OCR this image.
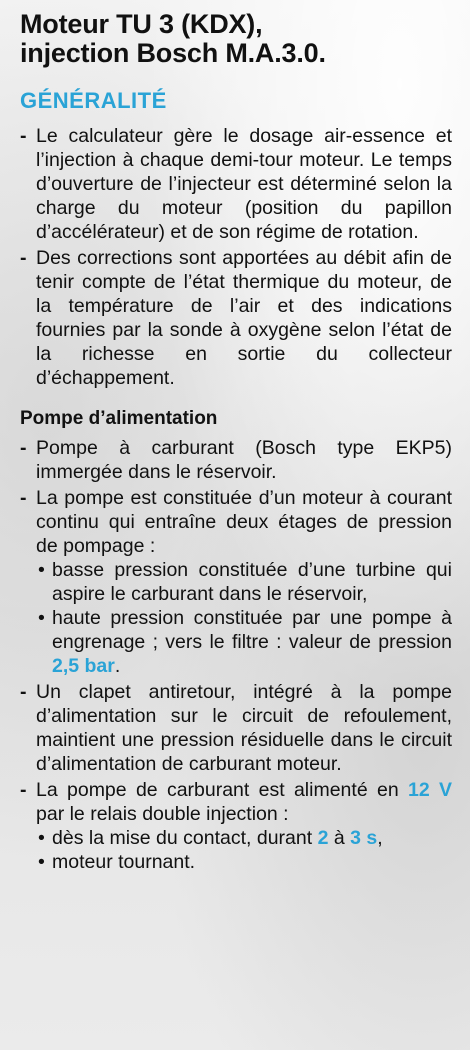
Moteur TU 3 (KDX),
injection Bosch M.A.3.0.
GÉNÉRALITÉ
- Le calculateur gère le dosage air-essence et l’injection à chaque demi-tour moteur. Le temps d’ouverture de l’injecteur est déterminé selon la charge du moteur (position du papillon d’accélérateur) et de son régime de rotation.
- Des corrections sont apportées au débit afin de tenir compte de l’état thermique du moteur, de la température de l’air et des indications fournies par la sonde à oxygène selon l’état de la richesse en sortie du collecteur d’échappement.
Pompe d’alimentation
- Pompe à carburant (Bosch type EKP5) immergée dans le réservoir.
- La pompe est constituée d’un moteur à courant continu qui entraîne deux étages de pression de pompage :
• basse pression constituée d’une turbine qui aspire le carburant dans le réservoir,
• haute pression constituée par une pompe à engrenage ; vers le filtre : valeur de pression 2,5 bar.
- Un clapet antiretour, intégré à la pompe d’alimentation sur le circuit de refoulement, maintient une pression résiduelle dans le circuit d’alimentation de carburant moteur.
- La pompe de carburant est alimenté en 12 V par le relais double injection :
• dès la mise du contact, durant 2 à 3 s,
• moteur tournant.
